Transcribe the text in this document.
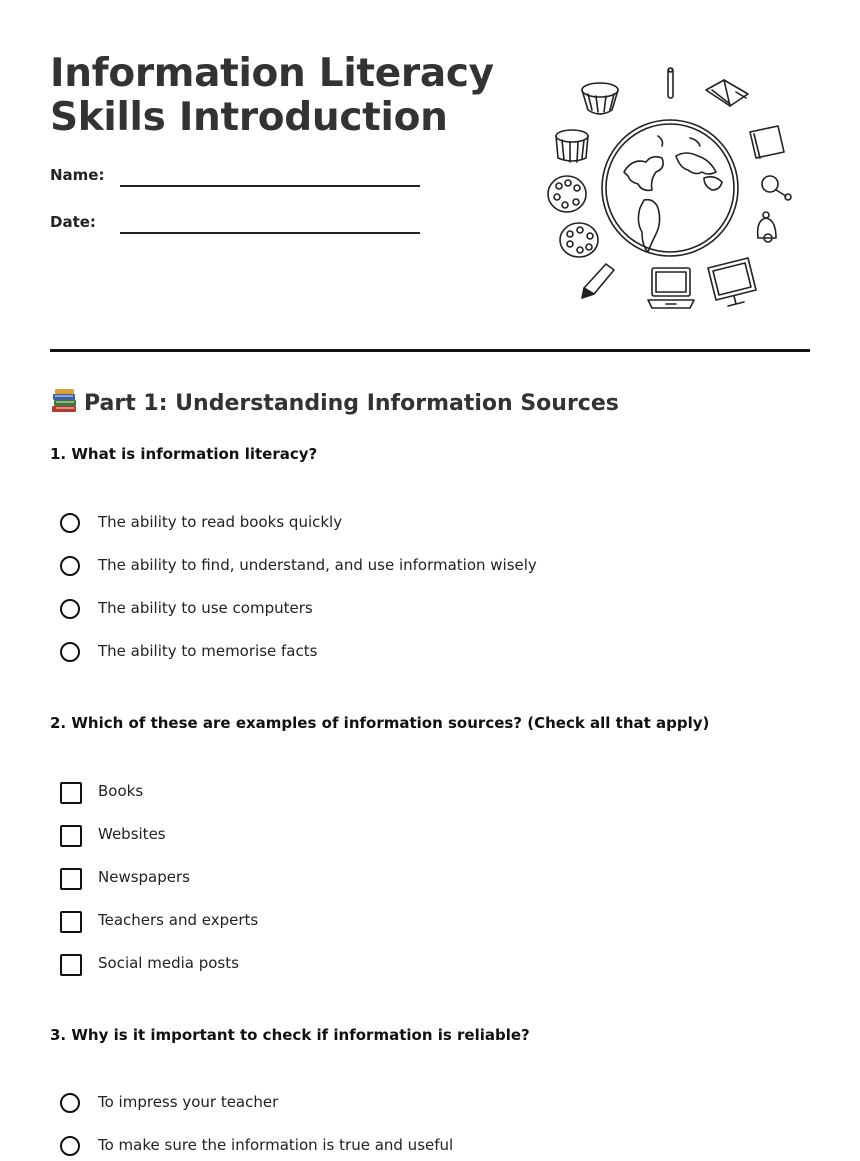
Information Literacy
Skills Introduction
Name:
Date:
Part 1: Understanding Information Sources
1. What is information literacy?
The ability to read books quickly
The ability to find, understand, and use information wisely
The ability to use computers
The ability to memorise facts
2. Which of these are examples of information sources? (Check all that apply)
Books
Websites
Newspapers
Teachers and experts
Social media posts
3. Why is it important to check if information is reliable?
To impress your teacher
To make sure the information is true and useful
